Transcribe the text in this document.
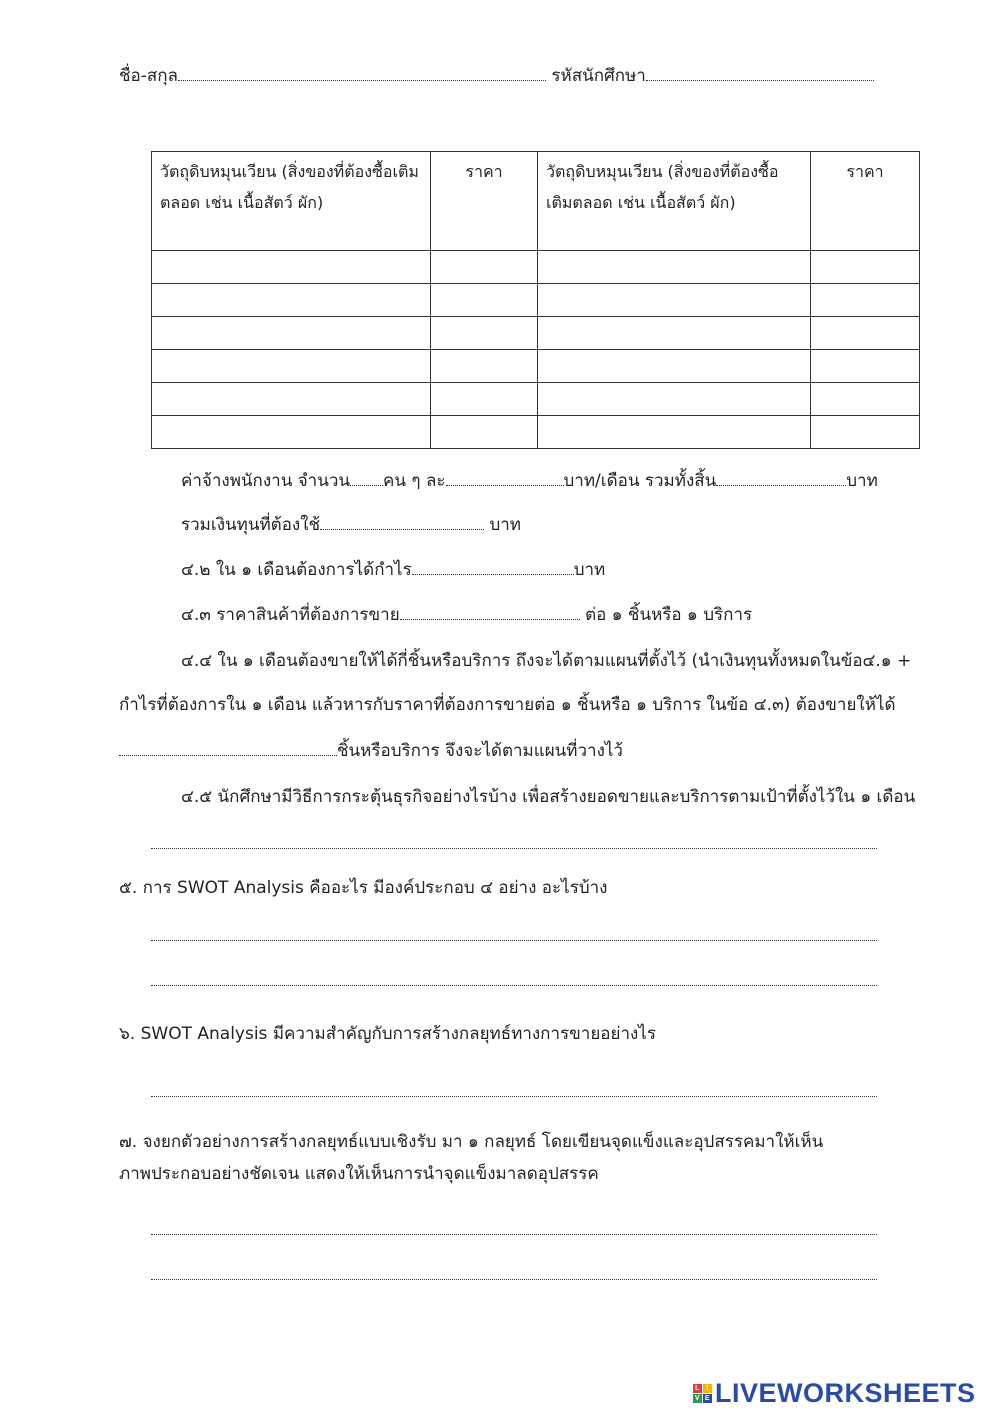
ชื่อ-สกุล	รหัสนักศึกษา
วัตถุดิบหมุนเวียน (สิ่งของที่ต้องซื้อเติมตลอด เช่น เนื้อสัตว์ ผัก)	ราคา	วัตถุดิบหมุนเวียน (สิ่งของที่ต้องซื้อเติมตลอด เช่น เนื้อสัตว์ ผัก)	ราคา

ค่าจ้างพนักงาน จำนวน คน ๆ ละ	บาท/เดือน รวมทั้งสิ้น	บาท
รวมเงินทุนที่ต้องใช้	บาท
๔.๒ ใน ๑ เดือนต้องการได้กำไร	บาท
๔.๓ ราคาสินค้าที่ต้องการขาย	ต่อ ๑ ชิ้นหรือ ๑ บริการ
๔.๔ ใน ๑ เดือนต้องขายให้ได้กี่ชิ้นหรือบริการ ถึงจะได้ตามแผนที่ตั้งไว้ (นำเงินทุนทั้งหมดในข้อ๔.๑ +
กำไรที่ต้องการใน ๑ เดือน แล้วหารกับราคาที่ต้องการขายต่อ ๑ ชิ้นหรือ ๑ บริการ ในข้อ ๔.๓) ต้องขายให้ได้
ชิ้นหรือบริการ จึงจะได้ตามแผนที่วางไว้
๔.๕ นักศึกษามีวิธีการกระตุ้นธุรกิจอย่างไรบ้าง เพื่อสร้างยอดขายและบริการตามเป้าที่ตั้งไว้ใน ๑ เดือน
๕. การ SWOT Analysis คืออะไร มีองค์ประกอบ ๔ อย่าง อะไรบ้าง
๖. SWOT Analysis มีความสำคัญกับการสร้างกลยุทธ์ทางการขายอย่างไร
๗. จงยกตัวอย่างการสร้างกลยุทธ์แบบเชิงรับ มา ๑ กลยุทธ์ โดยเขียนจุดแข็งและอุปสรรคมาให้เห็น
ภาพประกอบอย่างชัดเจน แสดงให้เห็นการนำจุดแข็งมาลดอุปสรรค
L I
V E LIVEWORKSHEETS
